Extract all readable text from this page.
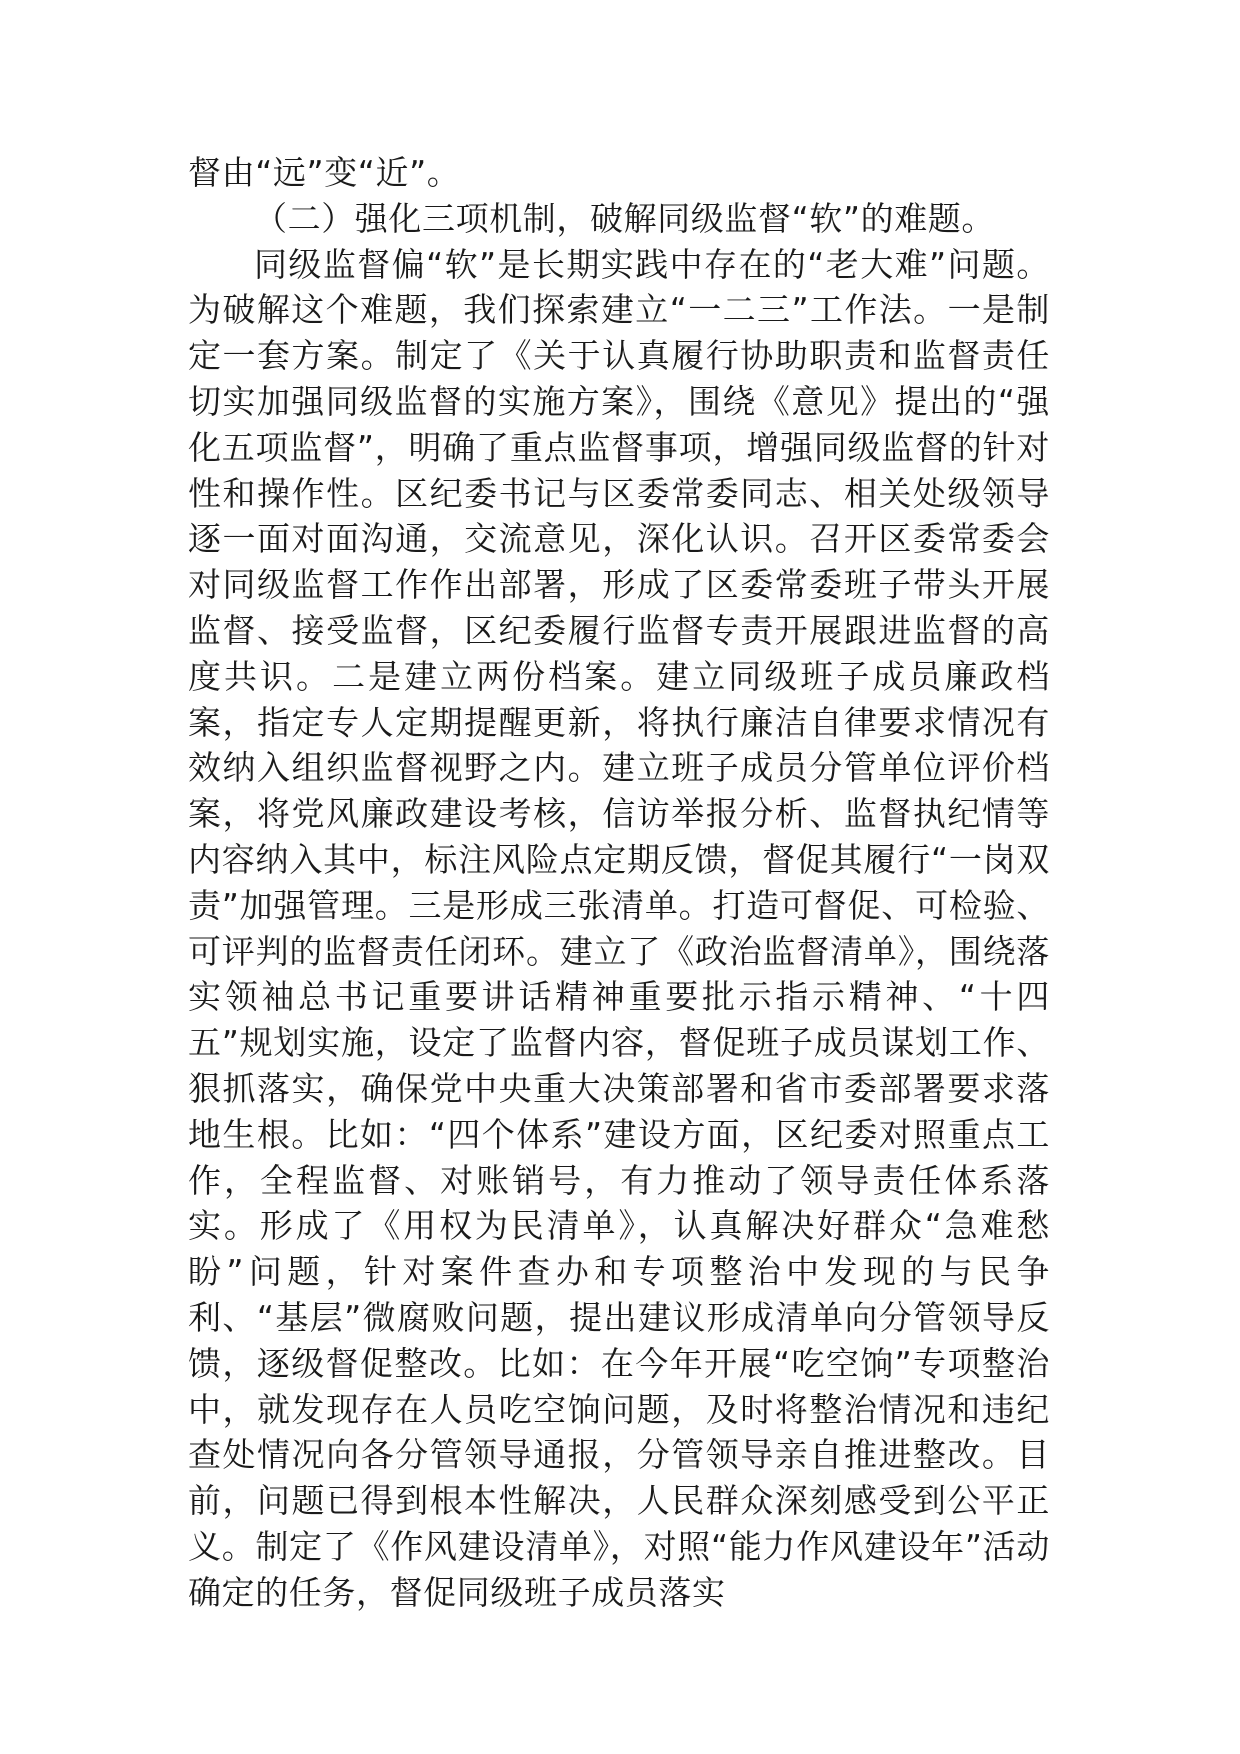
督由“远”变“近”。

（二）强化三项机制，破解同级监督“软”的难题。

同级监督偏“软”是长期实践中存在的“老大难”问题。为破解这个难题，我们探索建立“一二三”工作法。一是制定一套方案。制定了《关于认真履行协助职责和监督责任切实加强同级监督的实施方案》，围绕《意见》提出的“强化五项监督”，明确了重点监督事项，增强同级监督的针对性和操作性。区纪委书记与区委常委同志、相关处级领导逐一面对面沟通，交流意见，深化认识。召开区委常委会对同级监督工作作出部署，形成了区委常委班子带头开展监督、接受监督，区纪委履行监督专责开展跟进监督的高度共识。二是建立两份档案。建立同级班子成员廉政档案，指定专人定期提醒更新，将执行廉洁自律要求情况有效纳入组织监督视野之内。建立班子成员分管单位评价档案，将党风廉政建设考核，信访举报分析、监督执纪情等内容纳入其中，标注风险点定期反馈，督促其履行“一岗双责”加强管理。三是形成三张清单。打造可督促、可检验、可评判的监督责任闭环。建立了《政治监督清单》，围绕落实领袖总书记重要讲话精神重要批示指示精神、“十四五”规划实施，设定了监督内容，督促班子成员谋划工作、狠抓落实，确保党中央重大决策部署和省市委部署要求落地生根。比如：“四个体系”建设方面，区纪委对照重点工作，全程监督、对账销号，有力推动了领导责任体系落实。形成了《用权为民清单》，认真解决好群众“急难愁盼”问题，针对案件查办和专项整治中发现的与民争利、“基层”微腐败问题，提出建议形成清单向分管领导反馈，逐级督促整改。比如：在今年开展“吃空饷”专项整治中，就发现存在人员吃空饷问题，及时将整治情况和违纪查处情况向各分管领导通报，分管领导亲自推进整改。目前，问题已得到根本性解决，人民群众深刻感受到公平正义。制定了《作风建设清单》，对照“能力作风建设年”活动确定的任务，督促同级班子成员落实
